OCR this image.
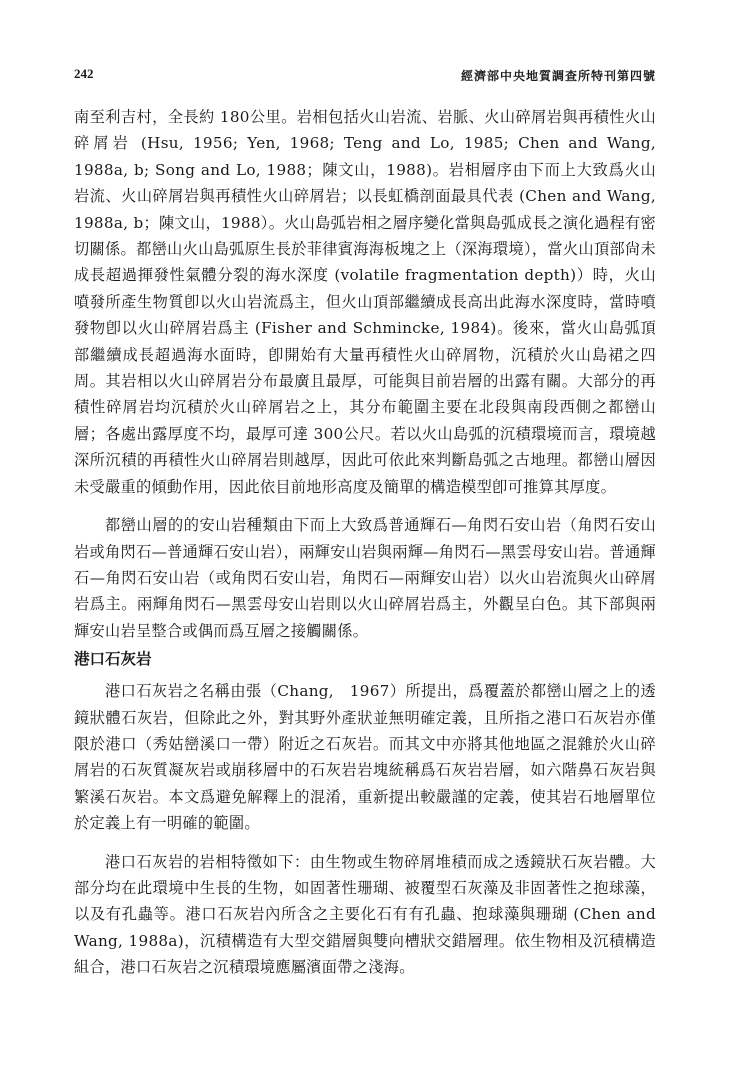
242	經濟部中央地質調查所特刊第四號

南至利吉村，全長約 180公里。岩相包括火山岩流、岩脈、火山碎屑岩與再積性火山碎屑岩 (Hsu, 1956; Yen, 1968; Teng and Lo, 1985; Chen and Wang, 1988a, b; Song and Lo, 1988；陳文山，1988)。岩相層序由下而上大致爲火山岩流、火山碎屑岩與再積性火山碎屑岩；以長虹橋剖面最具代表 (Chen and Wang, 1988a, b；陳文山，1988）。火山島弧岩相之層序變化當與島弧成長之演化過程有密切關係。都巒山火山島弧原生長於菲律賓海海板塊之上（深海環境），當火山頂部尙未成長超過揮發性氣體分裂的海水深度 (volatile fragmentation depth)）時，火山噴發所產生物質卽以火山岩流爲主，但火山頂部繼續成長高出此海水深度時，當時噴發物卽以火山碎屑岩爲主 (Fisher and Schmincke, 1984)。後來，當火山島弧頂部繼續成長超過海水面時，卽開始有大量再積性火山碎屑物，沉積於火山島裙之四周。其岩相以火山碎屑岩分布最廣且最厚，可能與目前岩層的出露有關。大部分的再積性碎屑岩均沉積於火山碎屑岩之上，其分布範圍主要在北段與南段西側之都巒山層；各處出露厚度不均，最厚可達 300公尺。若以火山島弧的沉積環境而言，環境越深所沉積的再積性火山碎屑岩則越厚，因此可依此來判斷島弧之古地理。都巒山層因未受嚴重的傾動作用，因此依目前地形高度及簡單的構造模型卽可推算其厚度。

都巒山層的的安山岩種類由下而上大致爲普通輝石—角閃石安山岩（角閃石安山岩或角閃石—普通輝石安山岩），兩輝安山岩與兩輝—角閃石—黑雲母安山岩。普通輝石—角閃石安山岩（或角閃石安山岩，角閃石—兩輝安山岩）以火山岩流與火山碎屑岩爲主。兩輝角閃石—黑雲母安山岩則以火山碎屑岩爲主，外觀呈白色。其下部與兩輝安山岩呈整合或偶而爲互層之接觸關係。

港口石灰岩

港口石灰岩之名稱由張（Chang,　1967）所提出，爲覆蓋於都巒山層之上的透鏡狀體石灰岩，但除此之外，對其野外產狀並無明確定義，且所指之港口石灰岩亦僅限於港口（秀姑巒溪口一帶）附近之石灰岩。而其文中亦將其他地區之混雜於火山碎屑岩的石灰質凝灰岩或崩移層中的石灰岩岩塊統稱爲石灰岩岩層，如六階鼻石灰岩與繁溪石灰岩。本文爲避免解釋上的混淆，重新提出較嚴謹的定義，使其岩石地層單位於定義上有一明確的範圍。

港口石灰岩的岩相特徵如下：由生物或生物碎屑堆積而成之透鏡狀石灰岩體。大部分均在此環境中生長的生物，如固著性珊瑚、被覆型石灰藻及非固著性之抱球藻，以及有孔蟲等。港口石灰岩內所含之主要化石有有孔蟲、抱球藻與珊瑚 (Chen and Wang, 1988a)，沉積構造有大型交錯層與雙向槽狀交錯層理。依生物相及沉積構造組合，港口石灰岩之沉積環境應屬濱面帶之淺海。
